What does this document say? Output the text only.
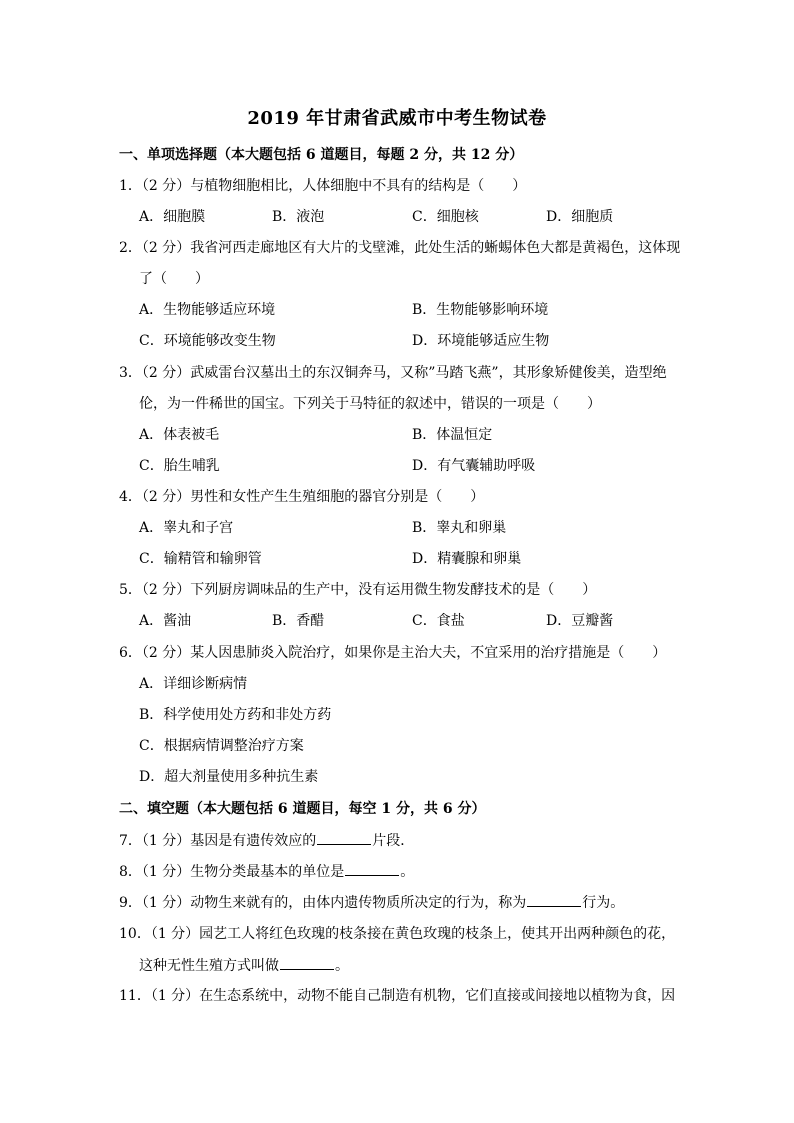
2019 年甘肃省武威市中考生物试卷
一、单项选择题（本大题包括 6 道题目，每题 2 分，共 12 分）
1．（2 分）与植物细胞相比，人体细胞中不具有的结构是（　　）
A．细胞膜	B．液泡	C．细胞核	D．细胞质
2．（2 分）我省河西走廊地区有大片的戈壁滩，此处生活的蜥蜴体色大都是黄褐色，这体现
了（　　）
A．生物能够适应环境	B．生物能够影响环境
C．环境能够改变生物	D．环境能够适应生物
3．（2 分）武威雷台汉墓出土的东汉铜奔马，又称”马踏飞燕”，其形象矫健俊美，造型绝
伦，为一件稀世的国宝。下列关于马特征的叙述中，错误的一项是（　　）
A．体表被毛	B．体温恒定
C．胎生哺乳	D．有气囊辅助呼吸
4．（2 分）男性和女性产生生殖细胞的器官分别是（　　）
A．睾丸和子宫	B．睾丸和卵巢
C．输精管和输卵管	D．精囊腺和卵巢
5．（2 分）下列厨房调味品的生产中，没有运用微生物发酵技术的是（　　）
A．酱油	B．香醋	C．食盐	D．豆瓣酱
6．（2 分）某人因患肺炎入院治疗，如果你是主治大夫，不宜采用的治疗措施是（　　）
A．详细诊断病情
B．科学使用处方药和非处方药
C．根据病情调整治疗方案
D．超大剂量使用多种抗生素
二、填空题（本大题包括 6 道题目，每空 1 分，共 6 分）
7．（1 分）基因是有遗传效应的	片段．
8．（1 分）生物分类最基本的单位是	。
9．（1 分）动物生来就有的，由体内遗传物质所决定的行为，称为	行为。
10．（1 分）园艺工人将红色玫瑰的枝条接在黄色玫瑰的枝条上，使其开出两种颜色的花，
这种无性生殖方式叫做	。
11．（1 分）在生态系统中，动物不能自己制造有机物，它们直接或间接地以植物为食，因
